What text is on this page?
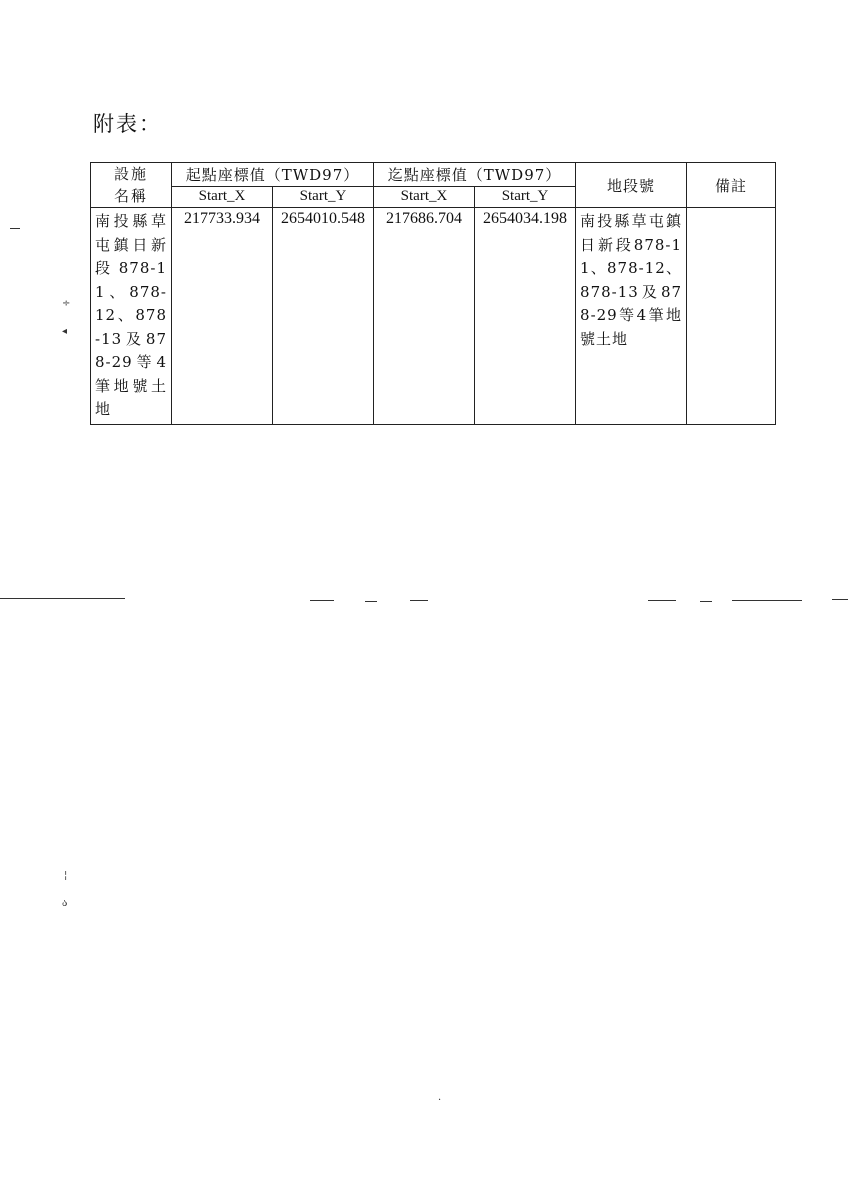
附表：
設施
名稱	起點座標值（TWD97）		迄點座標值（TWD97）		地段號	備註
	Start_X	Start_Y	Start_X	Start_Y		

南投縣草屯鎮日新段 878-11、878-12、878-13及878-29等4筆地號土地	217733.934	2654010.548	217686.704	2654034.198	南投縣草屯鎮日新段878-11、878-12、878-13及878-29等4筆地號土地	

÷
◂
¦
ა
·
